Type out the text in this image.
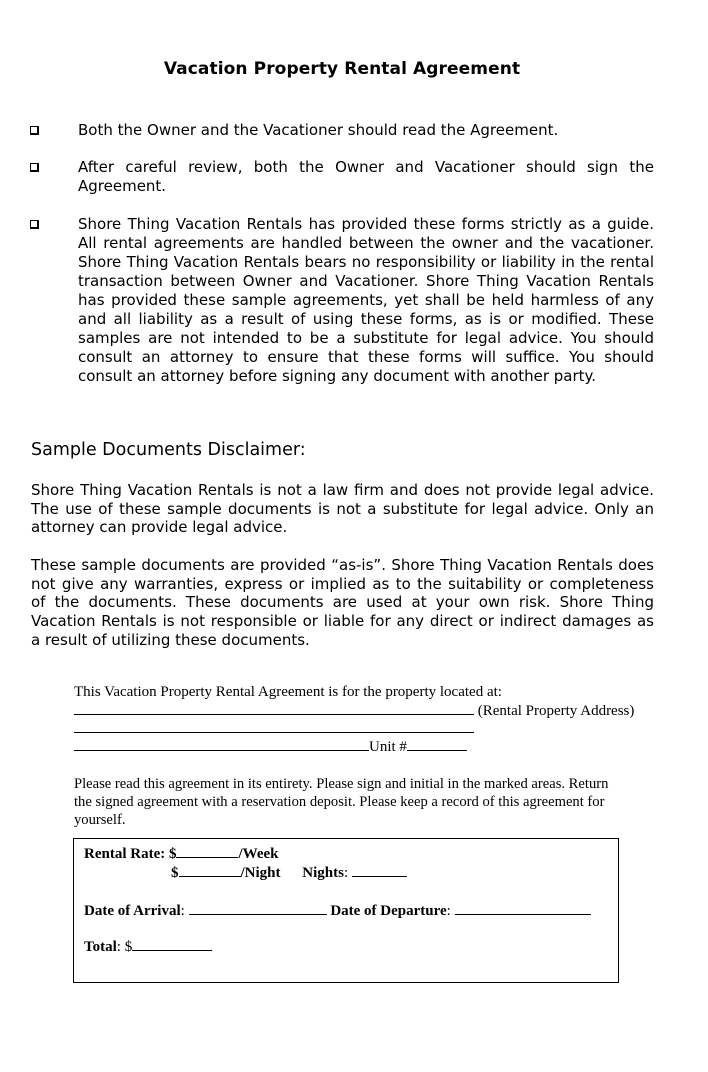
Vacation Property Rental Agreement
Both the Owner and the Vacationer should read the Agreement.
After careful review, both the Owner and Vacationer should sign the Agreement.
Shore Thing Vacation Rentals has provided these forms strictly as a guide. All rental agreements are handled between the owner and the vacationer. Shore Thing Vacation Rentals bears no responsibility or liability in the rental transaction between Owner and Vacationer. Shore Thing Vacation Rentals has provided these sample agreements, yet shall be held harmless of any and all liability as a result of using these forms, as is or modified. These samples are not intended to be a substitute for legal advice. You should consult an attorney to ensure that these forms will suffice. You should consult an attorney before signing any document with another party.
Sample Documents Disclaimer:
Shore Thing Vacation Rentals is not a law firm and does not provide legal advice. The use of these sample documents is not a substitute for legal advice. Only an attorney can provide legal advice.
These sample documents are provided “as-is”. Shore Thing Vacation Rentals does not give any warranties, express or implied as to the suitability or completeness of the documents. These documents are used at your own risk. Shore Thing Vacation Rentals is not responsible or liable for any direct or indirect damages as a result of utilizing these documents.
This Vacation Property Rental Agreement is for the property located at:
(Rental Property Address)
Unit #
Please read this agreement in its entirety. Please sign and initial in the marked areas. Return the signed agreement with a reservation deposit. Please keep a record of this agreement for yourself.
Rental Rate: $	/Week
$	/Night Nights:
Date of Arrival:	Date of Departure:
Total: $
